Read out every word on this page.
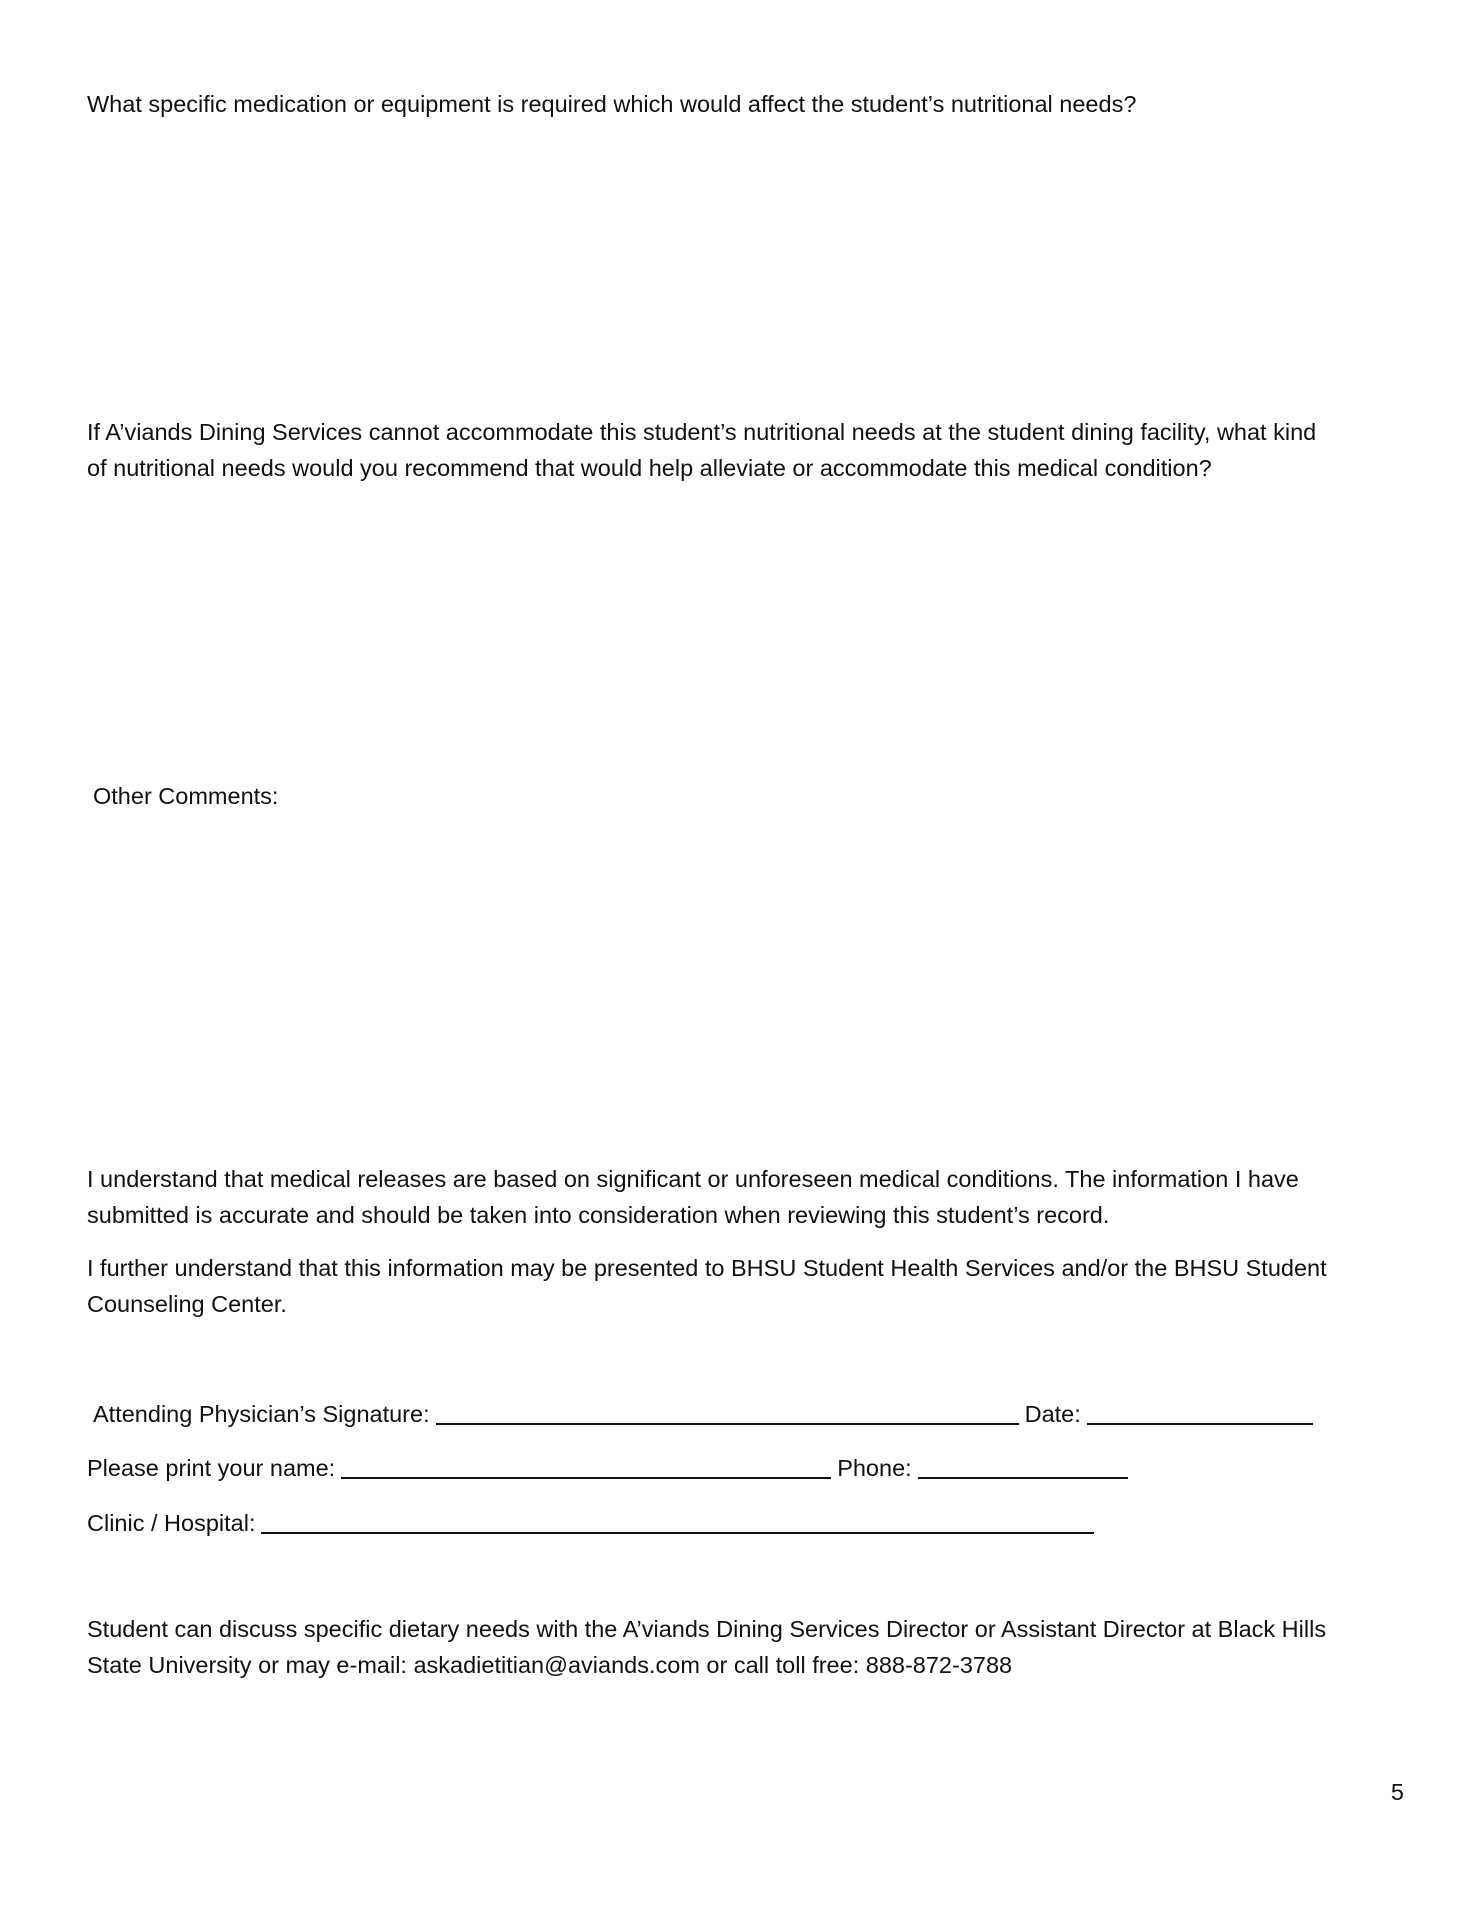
What specific medication or equipment is required which would affect the student’s nutritional needs?
If A’viands Dining Services cannot accommodate this student’s nutritional needs at the student dining facility, what kind
of nutritional needs would you recommend that would help alleviate or accommodate this medical condition?
Other Comments:
I understand that medical releases are based on significant or unforeseen medical conditions. The information I have
submitted is accurate and should be taken into consideration when reviewing this student’s record.
I further understand that this information may be presented to BHSU Student Health Services and/or the BHSU Student
Counseling Center.
Attending Physician’s Signature:	Date:
Please print your name:	Phone:
Clinic / Hospital:
Student can discuss specific dietary needs with the A’viands Dining Services Director or Assistant Director at Black Hills
State University or may e-mail: askadietitian@aviands.com or call toll free: 888-872-3788
5
